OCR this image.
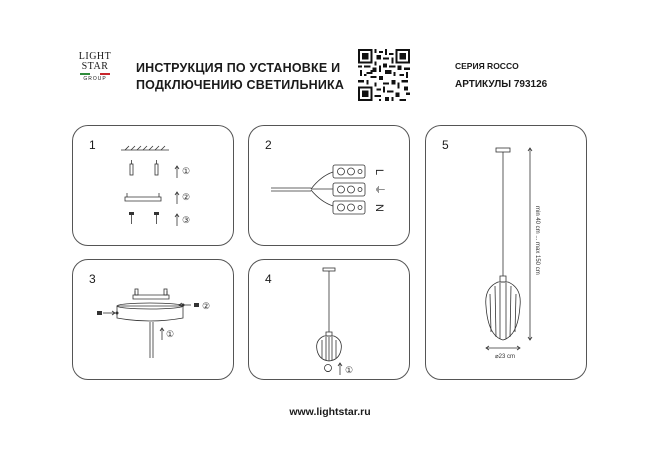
LIGHT
STAR
GROUP
ИНСТРУКЦИЯ ПО УСТАНОВКЕ И
ПОДКЛЮЧЕНИЮ СВЕТИЛЬНИКА
СЕРИЯ ROCCO
АРТИКУЛЫ 793126
1
①
②
③
2
L
⏚
N
3
②
①
4
①
5
min 40 cm ... max 150 cm
⌀23 cm
www.lightstar.ru
